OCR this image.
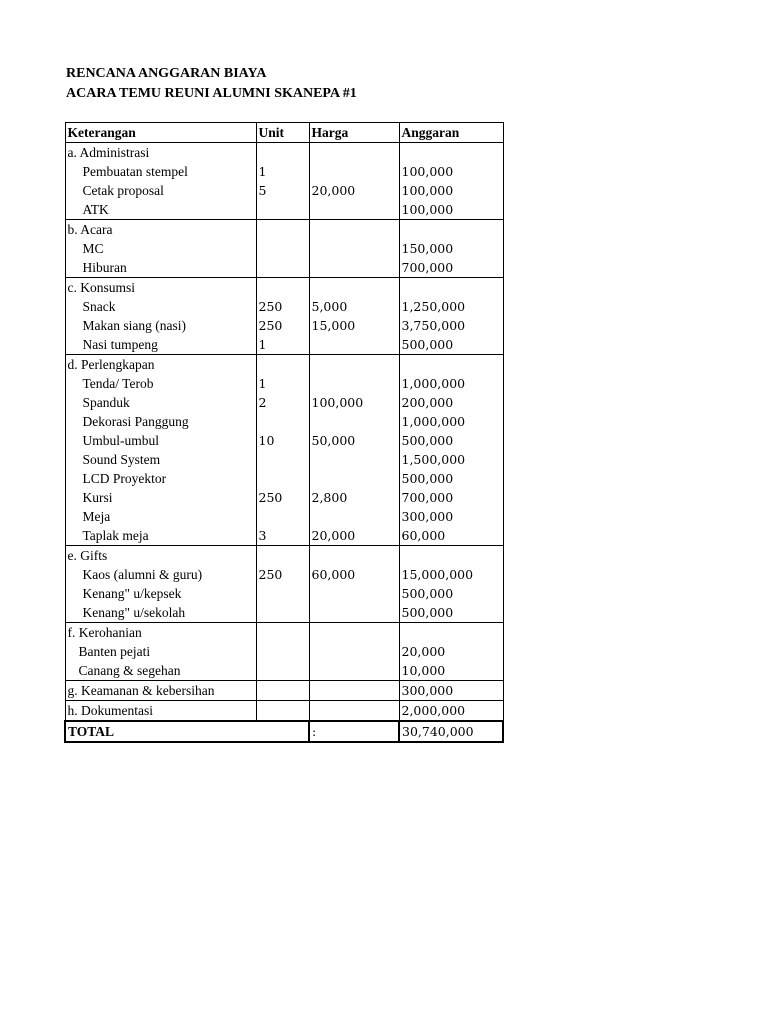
RENCANA ANGGARAN BIAYA
ACARA TEMU REUNI ALUMNI SKANEPA #1
Keterangan	Unit	Harga	Anggaran
a. Administrasi			
Pembuatan stempel	1		100,000
Cetak proposal	5	20,000	100,000
ATK			100,000
b. Acara			
MC			150,000
Hiburan			700,000
c. Konsumsi			
Snack	250	5,000	1,250,000
Makan siang (nasi)	250	15,000	3,750,000
Nasi tumpeng	1		500,000
d. Perlengkapan			
Tenda/ Terob	1		1,000,000
Spanduk	2	100,000	200,000
Dekorasi Panggung			1,000,000
Umbul-umbul	10	50,000	500,000
Sound System			1,500,000
LCD Proyektor			500,000
Kursi	250	2,800	700,000
Meja			300,000
Taplak meja	3	20,000	60,000
e. Gifts			
Kaos (alumni & guru)	250	60,000	15,000,000
Kenang" u/kepsek			500,000
Kenang" u/sekolah			500,000
f. Kerohanian			
Banten pejati			20,000
Canang & segehan			10,000
g. Keamanan & kebersihan			300,000
h. Dokumentasi			2,000,000
TOTAL		:	30,740,000
